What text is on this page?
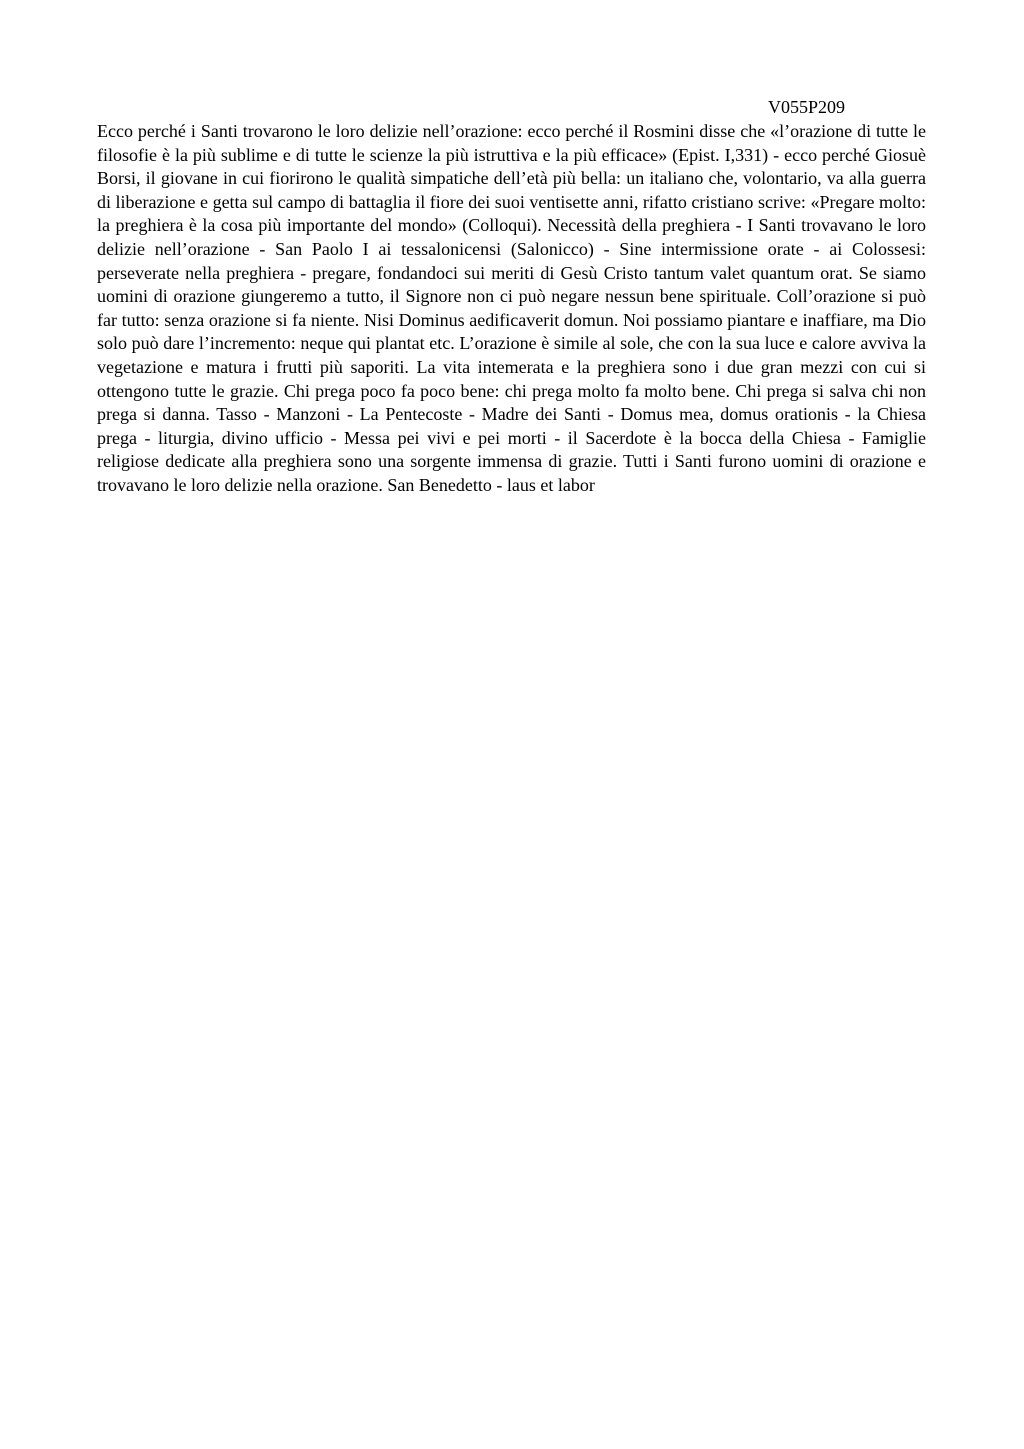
V055P209

Ecco perché i Santi trovarono le loro delizie nell’orazione: ecco perché il Rosmini disse che «l’orazione di tutte le filosofie è la più sublime e di tutte le scienze la più istruttiva e la più efficace» (Epist. I,331) - ecco perché Giosuè Borsi, il giovane in cui fiorirono le qualità simpatiche dell’età più bella: un italiano che, volontario, va alla guerra di liberazione e getta sul campo di battaglia il fiore dei suoi ventisette anni, rifatto cristiano scrive: «Pregare molto: la preghiera è la cosa più importante del mondo» (Colloqui). Necessità della preghiera - I Santi trovavano le loro delizie nell’orazione - San Paolo I ai tessalonicensi (Salonicco) - Sine intermissione orate - ai Colossesi: perseverate nella preghiera - pregare, fondandoci sui meriti di Gesù Cristo tantum valet quantum orat. Se siamo uomini di orazione giungeremo a tutto, il Signore non ci può negare nessun bene spirituale. Coll’orazione si può far tutto: senza orazione si fa niente. Nisi Dominus aedificaverit domun. Noi possiamo piantare e inaffiare, ma Dio solo può dare l’incremento: neque qui plantat etc. L’orazione è simile al sole, che con la sua luce e calore avviva la vegetazione e matura i frutti più saporiti. La vita intemerata e la preghiera sono i due gran mezzi con cui si ottengono tutte le grazie. Chi prega poco fa poco bene: chi prega molto fa molto bene. Chi prega si salva chi non prega si danna. Tasso - Manzoni - La Pentecoste - Madre dei Santi - Domus mea, domus orationis - la Chiesa prega - liturgia, divino ufficio - Messa pei vivi e pei morti - il Sacerdote è la bocca della Chiesa - Famiglie religiose dedicate alla preghiera sono una sorgente immensa di grazie. Tutti i Santi furono uomini di orazione e trovavano le loro delizie nella orazione. San Benedetto - laus et labor
